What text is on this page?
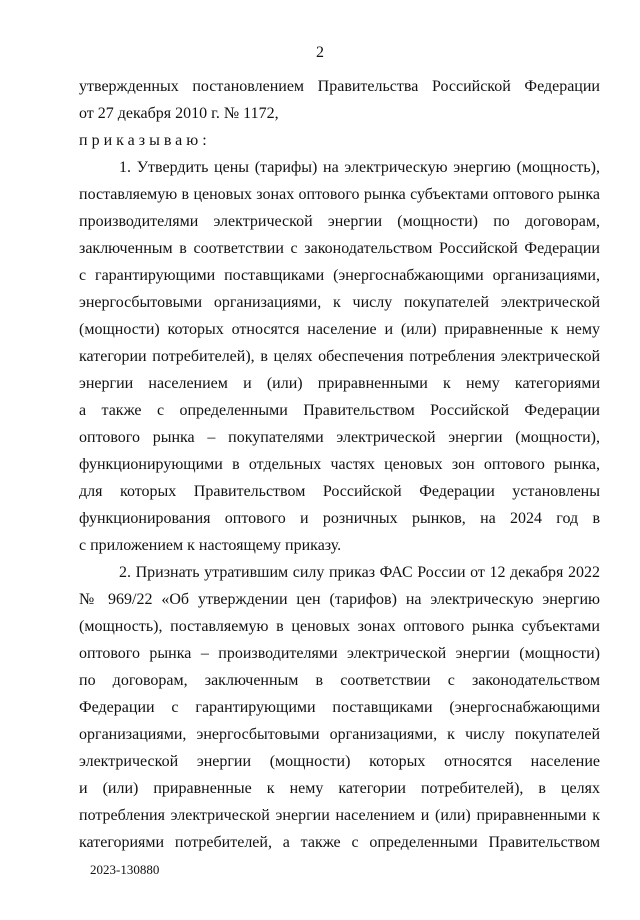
2
утвержденных постановлением Правительства Российской Федерации
от 27 декабря 2010 г. № 1172,
приказываю:
1. Утвердить цены (тарифы) на электрическую энергию (мощность),
поставляемую в ценовых зонах оптового рынка субъектами оптового рынка
производителями электрической энергии (мощности) по договорам,
заключенным в соответствии с законодательством Российской Федерации
с гарантирующими поставщиками (энергоснабжающими организациями,
энергосбытовыми организациями, к числу покупателей электрической
(мощности) которых относятся население и (или) приравненные к нему
категории потребителей), в целях обеспечения потребления электрической
энергии населением и (или) приравненными к нему категориями
а также с определенными Правительством Российской Федерации
оптового рынка – покупателями электрической энергии (мощности),
функционирующими в отдельных частях ценовых зон оптового рынка,
для которых Правительством Российской Федерации установлены
функционирования оптового и розничных рынков, на 2024 год в
с приложением к настоящему приказу.
2. Признать утратившим силу приказ ФАС России от 12 декабря 2022
№ 969/22 «Об утверждении цен (тарифов) на электрическую энергию
(мощность), поставляемую в ценовых зонах оптового рынка субъектами
оптового рынка – производителями электрической энергии (мощности)
по договорам, заключенным в соответствии с законодательством
Федерации с гарантирующими поставщиками (энергоснабжающими
организациями, энергосбытовыми организациями, к числу покупателей
электрической энергии (мощности) которых относятся население
и (или) приравненные к нему категории потребителей), в целях
потребления электрической энергии населением и (или) приравненными к
категориями потребителей, а также с определенными Правительством
2023-130880
